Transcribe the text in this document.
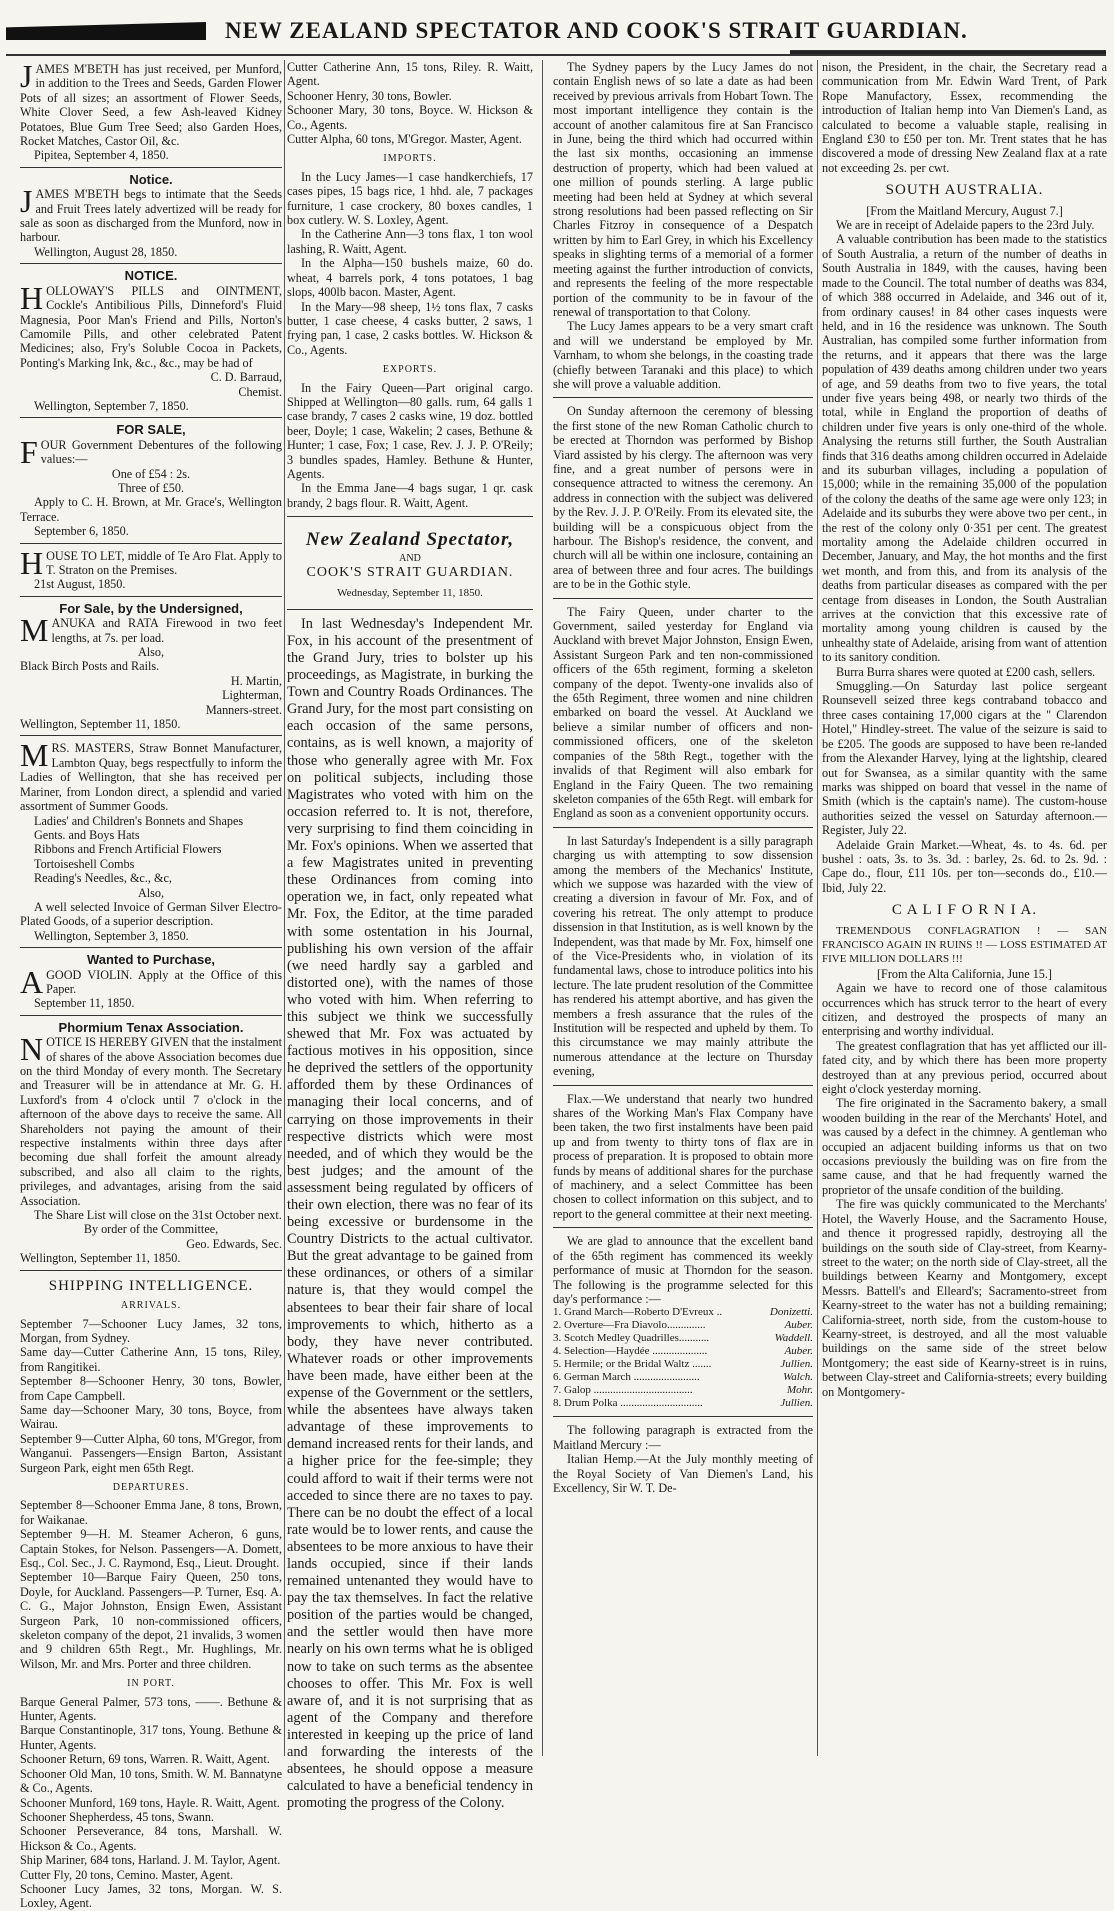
NEW ZEALAND SPECTATOR AND COOK'S STRAIT GUARDIAN.

JAMES M'BETH has just received, per Munford, in addition to the Trees and Seeds, Garden Flower Pots of all sizes; an assortment of Flower Seeds, White Clover Seed, a few Ash-leaved Kidney Potatoes, Blue Gum Tree Seed; also Garden Hoes, Rocket Matches, Castor Oil, &c.

Pipitea, September 4, 1850.

Notice.

JAMES M'BETH begs to intimate that the Seeds and Fruit Trees lately advertized will be ready for sale as soon as discharged from the Munford, now in harbour.

Wellington, August 28, 1850.

NOTICE.

HOLLOWAY'S PILLS and OINTMENT, Cockle's Antibilious Pills, Dinneford's Fluid Magnesia, Poor Man's Friend and Pills, Norton's Camomile Pills, and other celebrated Patent Medicines; also, Fry's Soluble Cocoa in Packets, Ponting's Marking Ink, &c., &c., may be had of

C. D. Barraud,

Chemist.

Wellington, September 7, 1850.

FOR SALE,

FOUR Government Debentures of the following values:—

One of £54 : 2s.

Three of £50.

Apply to C. H. Brown, at Mr. Grace's, Wellington Terrace.

September 6, 1850.

HOUSE TO LET, middle of Te Aro Flat. Apply to T. Straton on the Premises.

21st August, 1850.

For Sale, by the Undersigned,

MANUKA and RATA Firewood in two feet lengths, at 7s. per load.

Also,

Black Birch Posts and Rails.

H. Martin,

Lighterman,

Manners-street.

Wellington, September 11, 1850.

MRS. MASTERS, Straw Bonnet Manufacturer, Lambton Quay, begs respectfully to inform the Ladies of Wellington, that she has received per Mariner, from London direct, a splendid and varied assortment of Summer Goods.

Ladies' and Children's Bonnets and Shapes

Gents. and Boys Hats

Ribbons and French Artificial Flowers

Tortoiseshell Combs

Reading's Needles, &c., &c,

Also,

A well selected Invoice of German Silver Electro-Plated Goods, of a superior description.

Wellington, September 3, 1850.

Wanted to Purchase,

AGOOD VIOLIN. Apply at the Office of this Paper.

September 11, 1850.

Phormium Tenax Association.

NOTICE IS HEREBY GIVEN that the instalment of shares of the above Association becomes due on the third Monday of every month. The Secretary and Treasurer will be in attendance at Mr. G. H. Luxford's from 4 o'clock until 7 o'clock in the afternoon of the above days to receive the same. All Shareholders not paying the amount of their respective instalments within three days after becoming due shall forfeit the amount already subscribed, and also all claim to the rights, privileges, and advantages, arising from the said Association.

The Share List will close on the 31st October next.

By order of the Committee,

Geo. Edwards, Sec.

Wellington, September 11, 1850.

SHIPPING INTELLIGENCE.
ARRIVALS.

September 7—Schooner Lucy James, 32 tons, Morgan, from Sydney.

Same day—Cutter Catherine Ann, 15 tons, Riley, from Rangitikei.

September 8—Schooner Henry, 30 tons, Bowler, from Cape Campbell.

Same day—Schooner Mary, 30 tons, Boyce, from Wairau.

September 9—Cutter Alpha, 60 tons, M'Gregor, from Wanganui. Passengers—Ensign Barton, Assistant Surgeon Park, eight men 65th Regt.

DEPARTURES.

September 8—Schooner Emma Jane, 8 tons, Brown, for Waikanae.

September 9—H. M. Steamer Acheron, 6 guns, Captain Stokes, for Nelson. Passengers—A. Domett, Esq., Col. Sec., J. C. Raymond, Esq., Lieut. Drought.

September 10—Barque Fairy Queen, 250 tons, Doyle, for Auckland. Passengers—P. Turner, Esq. A. C. G., Major Johnston, Ensign Ewen, Assistant Surgeon Park, 10 non-commissioned officers, skeleton company of the depot, 21 invalids, 3 women and 9 children 65th Regt., Mr. Hughlings, Mr. Wilson, Mr. and Mrs. Porter and three children.

IN PORT.

Barque General Palmer, 573 tons, ——. Bethune & Hunter, Agents.

Barque Constantinople, 317 tons, Young. Bethune & Hunter, Agents.

Schooner Return, 69 tons, Warren. R. Waitt, Agent.

Schooner Old Man, 10 tons, Smith. W. M. Bannatyne & Co., Agents.

Schooner Munford, 169 tons, Hayle. R. Waitt, Agent.

Schooner Shepherdess, 45 tons, Swann.

Schooner Perseverance, 84 tons, Marshall. W. Hickson & Co., Agents.

Ship Mariner, 684 tons, Harland. J. M. Taylor, Agent.

Cutter Fly, 20 tons, Cemino. Master, Agent.

Schooner Lucy James, 32 tons, Morgan. W. S. Loxley, Agent.

Cutter Catherine Ann, 15 tons, Riley. R. Waitt, Agent.

Schooner Henry, 30 tons, Bowler.

Schooner Mary, 30 tons, Boyce. W. Hickson & Co., Agents.

Cutter Alpha, 60 tons, M'Gregor. Master, Agent.

IMPORTS.

In the Lucy James—1 case handkerchiefs, 17 cases pipes, 15 bags rice, 1 hhd. ale, 7 packages furniture, 1 case crockery, 80 boxes candles, 1 box cutlery. W. S. Loxley, Agent.

In the Catherine Ann—3 tons flax, 1 ton wool lashing, R. Waitt, Agent.

In the Alpha—150 bushels maize, 60 do. wheat, 4 barrels pork, 4 tons potatoes, 1 bag slops, 400lb bacon. Master, Agent.

In the Mary—98 sheep, 1½ tons flax, 7 casks butter, 1 case cheese, 4 casks butter, 2 saws, 1 frying pan, 1 case, 2 casks bottles. W. Hickson & Co., Agents.

EXPORTS.

In the Fairy Queen—Part original cargo. Shipped at Wellington—80 galls. rum, 64 galls 1 case brandy, 7 cases 2 casks wine, 19 doz. bottled beer, Doyle; 1 case, Wakelin; 2 cases, Bethune & Hunter; 1 case, Fox; 1 case, Rev. J. J. P. O'Reily; 3 bundles spades, Hamley. Bethune & Hunter, Agents.

In the Emma Jane—4 bags sugar, 1 qr. cask brandy, 2 bags flour. R. Waitt, Agent.

New Zealand Spectator,
AND
COOK'S STRAIT GUARDIAN.
Wednesday, September 11, 1850.

In last Wednesday's Independent Mr. Fox, in his account of the presentment of the Grand Jury, tries to bolster up his proceedings, as Magistrate, in burking the Town and Country Roads Ordinances. The Grand Jury, for the most part consisting on each occasion of the same persons, contains, as is well known, a majority of those who generally agree with Mr. Fox on political subjects, including those Magistrates who voted with him on the occasion referred to. It is not, therefore, very surprising to find them coinciding in Mr. Fox's opinions. When we asserted that a few Magistrates united in preventing these Ordinances from coming into operation we, in fact, only repeated what Mr. Fox, the Editor, at the time paraded with some ostentation in his Journal, publishing his own version of the affair (we need hardly say a garbled and distorted one), with the names of those who voted with him. When referring to this subject we think we successfully shewed that Mr. Fox was actuated by factious motives in his opposition, since he deprived the settlers of the opportunity afforded them by these Ordinances of managing their local concerns, and of carrying on those improvements in their respective districts which were most needed, and of which they would be the best judges; and the amount of the assessment being regulated by officers of their own election, there was no fear of its being excessive or burdensome in the Country Districts to the actual cultivator. But the great advantage to be gained from these ordinances, or others of a similar nature is, that they would compel the absentees to bear their fair share of local improvements to which, hitherto as a body, they have never contributed. Whatever roads or other improvements have been made, have either been at the expense of the Government or the settlers, while the absentees have always taken advantage of these improvements to demand increased rents for their lands, and a higher price for the fee-simple; they could afford to wait if their terms were not acceded to since there are no taxes to pay. There can be no doubt the effect of a local rate would be to lower rents, and cause the absentees to be more anxious to have their lands occupied, since if their lands remained untenanted they would have to pay the tax themselves. In fact the relative position of the parties would be changed, and the settler would then have more nearly on his own terms what he is obliged now to take on such terms as the absentee chooses to offer. This Mr. Fox is well aware of, and it is not surprising that as agent of the Company and therefore interested in keeping up the price of land and forwarding the interests of the absentees, he should oppose a measure calculated to have a beneficial tendency in promoting the progress of the Colony.

The Sydney papers by the Lucy James do not contain English news of so late a date as had been received by previous arrivals from Hobart Town. The most important intelligence they contain is the account of another calamitous fire at San Francisco in June, being the third which had occurred within the last six months, occasioning an immense destruction of property, which had been valued at one million of pounds sterling. A large public meeting had been held at Sydney at which several strong resolutions had been passed reflecting on Sir Charles Fitzroy in consequence of a Despatch written by him to Earl Grey, in which his Excellency speaks in slighting terms of a memorial of a former meeting against the further introduction of convicts, and represents the feeling of the more respectable portion of the community to be in favour of the renewal of transportation to that Colony.

The Lucy James appears to be a very smart craft and will we understand be employed by Mr. Varnham, to whom she belongs, in the coasting trade (chiefly between Taranaki and this place) to which she will prove a valuable addition.

On Sunday afternoon the ceremony of blessing the first stone of the new Roman Catholic church to be erected at Thorndon was performed by Bishop Viard assisted by his clergy. The afternoon was very fine, and a great number of persons were in consequence attracted to witness the ceremony. An address in connection with the subject was delivered by the Rev. J. J. P. O'Reily. From its elevated site, the building will be a conspicuous object from the harbour. The Bishop's residence, the convent, and church will all be within one inclosure, containing an area of between three and four acres. The buildings are to be in the Gothic style.

The Fairy Queen, under charter to the Government, sailed yesterday for England via Auckland with brevet Major Johnston, Ensign Ewen, Assistant Surgeon Park and ten non-commissioned officers of the 65th regiment, forming a skeleton company of the depot. Twenty-one invalids also of the 65th Regiment, three women and nine children embarked on board the vessel. At Auckland we believe a similar number of officers and non-commissioned officers, one of the skeleton companies of the 58th Regt., together with the invalids of that Regiment will also embark for England in the Fairy Queen. The two remaining skeleton companies of the 65th Regt. will embark for England as soon as a convenient opportunity occurs.

In last Saturday's Independent is a silly paragraph charging us with attempting to sow dissension among the members of the Mechanics' Institute, which we suppose was hazarded with the view of creating a diversion in favour of Mr. Fox, and of covering his retreat. The only attempt to produce dissension in that Institution, as is well known by the Independent, was that made by Mr. Fox, himself one of the Vice-Presidents who, in violation of its fundamental laws, chose to introduce politics into his lecture. The late prudent resolution of the Committee has rendered his attempt abortive, and has given the members a fresh assurance that the rules of the Institution will be respected and upheld by them. To this circumstance we may mainly attribute the numerous attendance at the lecture on Thursday evening,

Flax.—We understand that nearly two hundred shares of the Working Man's Flax Company have been taken, the two first instalments have been paid up and from twenty to thirty tons of flax are in process of preparation. It is proposed to obtain more funds by means of additional shares for the purchase of machinery, and a select Committee has been chosen to collect information on this subject, and to report to the general committee at their next meeting.

We are glad to announce that the excellent band of the 65th regiment has commenced its weekly performance of music at Thorndon for the season. The following is the programme selected for this day's performance :—

1. Grand March—Roberto D'Evreux ..	Donizetti.
2. Overture—Fra Diavolo..............	Auber.
3. Scotch Medley Quadrilles...........	Waddell.
4. Selection—Haydée ....................	Auber.
5. Hermile; or the Bridal Waltz .......	Jullien.
6. German March ........................	Walch.
7. Galop ....................................	Mohr.
8. Drum Polka ..............................	Jullien.

The following paragraph is extracted from the Maitland Mercury :—

Italian Hemp.—At the July monthly meeting of the Royal Society of Van Diemen's Land, his Excellency, Sir W. T. De-

nison, the President, in the chair, the Secretary read a communication from Mr. Edwin Ward Trent, of Park Rope Manufactory, Essex, recommending the introduction of Italian hemp into Van Diemen's Land, as calculated to become a valuable staple, realising in England £30 to £50 per ton. Mr. Trent states that he has discovered a mode of dressing New Zealand flax at a rate not exceeding 2s. per cwt.

SOUTH AUSTRALIA.

[From the Maitland Mercury, August 7.]

We are in receipt of Adelaide papers to the 23rd July.

A valuable contribution has been made to the statistics of South Australia, a return of the number of deaths in South Australia in 1849, with the causes, having been made to the Council. The total number of deaths was 834, of which 388 occurred in Adelaide, and 346 out of it, from ordinary causes! in 84 other cases inquests were held, and in 16 the residence was unknown. The South Australian, has compiled some further information from the returns, and it appears that there was the large population of 439 deaths among children under two years of age, and 59 deaths from two to five years, the total under five years being 498, or nearly two thirds of the total, while in England the proportion of deaths of children under five years is only one-third of the whole. Analysing the returns still further, the South Australian finds that 316 deaths among children occurred in Adelaide and its suburban villages, including a population of 15,000; while in the remaining 35,000 of the population of the colony the deaths of the same age were only 123; in Adelaide and its suburbs they were above two per cent., in the rest of the colony only 0·351 per cent. The greatest mortality among the Adelaide children occurred in December, January, and May, the hot months and the first wet month, and from this, and from its analysis of the deaths from particular diseases as compared with the per centage from diseases in London, the South Australian arrives at the conviction that this excessive rate of mortality among young children is caused by the unhealthy state of Adelaide, arising from want of attention to its sanitory condition.

Burra Burra shares were quoted at £200 cash, sellers.

Smuggling.—On Saturday last police sergeant Rounsevell seized three kegs contraband tobacco and three cases containing 17,000 cigars at the " Clarendon Hotel," Hindley-street. The value of the seizure is said to be £205. The goods are supposed to have been re-landed from the Alexander Harvey, lying at the lightship, cleared out for Swansea, as a similar quantity with the same marks was shipped on board that vessel in the name of Smith (which is the captain's name). The custom-house authorities seized the vessel on Saturday afternoon.—Register, July 22.

Adelaide Grain Market.—Wheat, 4s. to 4s. 6d. per bushel : oats, 3s. to 3s. 3d. : barley, 2s. 6d. to 2s. 9d. : Cape do., flour, £11 10s. per ton—seconds do., £10.—Ibid, July 22.

C A L I F O R N I A.

TREMENDOUS CONFLAGRATION ! — SAN FRANCISCO AGAIN IN RUINS !! — LOSS ESTIMATED AT FIVE MILLION DOLLARS !!!

[From the Alta California, June 15.]

Again we have to record one of those calamitous occurrences which has struck terror to the heart of every citizen, and destroyed the prospects of many an enterprising and worthy individual.

The greatest conflagration that has yet afflicted our ill-fated city, and by which there has been more property destroyed than at any previous period, occurred about eight o'clock yesterday morning.

The fire originated in the Sacramento bakery, a small wooden building in the rear of the Merchants' Hotel, and was caused by a defect in the chimney. A gentleman who occupied an adjacent building informs us that on two occasions previously the building was on fire from the same cause, and that he had frequently warned the proprietor of the unsafe condition of the building.

The fire was quickly communicated to the Merchants' Hotel, the Waverly House, and the Sacramento House, and thence it progressed rapidly, destroying all the buildings on the south side of Clay-street, from Kearny-street to the water; on the north side of Clay-street, all the buildings between Kearny and Montgomery, except Messrs. Battell's and Elleard's; Sacramento-street from Kearny-street to the water has not a building remaining; California-street, north side, from the custom-house to Kearny-street, is destroyed, and all the most valuable buildings on the same side of the street below Montgomery; the east side of Kearny-street is in ruins, between Clay-street and California-streets; every building on Montgomery-
